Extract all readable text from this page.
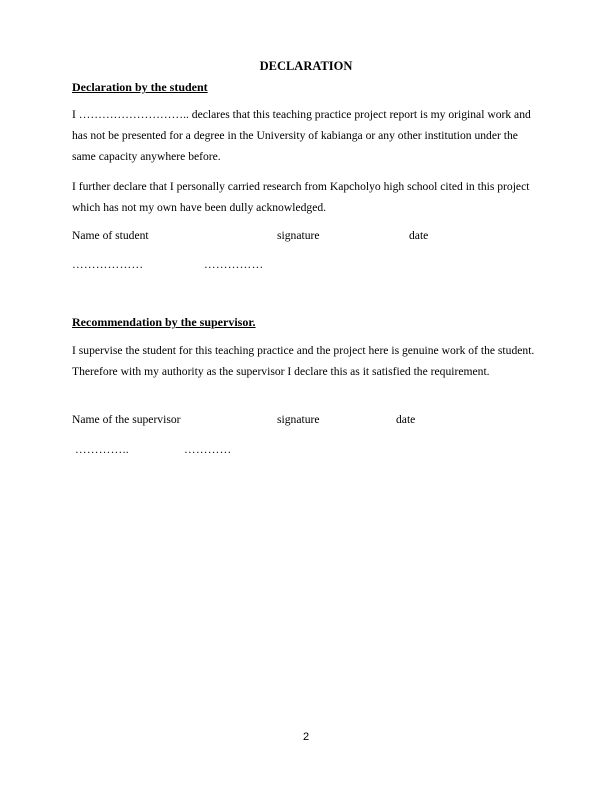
DECLARATION
Declaration by the student
I ……………………….. declares that this teaching practice project report is my original work and has not be presented for a degree in the University of kabianga or any other institution under the same capacity anywhere before.
I further declare that I personally carried research from Kapcholyo high school cited in this project which has not my own have been dully acknowledged.
Name of student	signature	date
………………	……………
Recommendation by the supervisor.
I supervise the student for this teaching practice and the project here is genuine work of the student. Therefore with my authority as the supervisor I declare this as it satisfied the requirement.
Name of the supervisor	signature	date
…………..	…………
2
